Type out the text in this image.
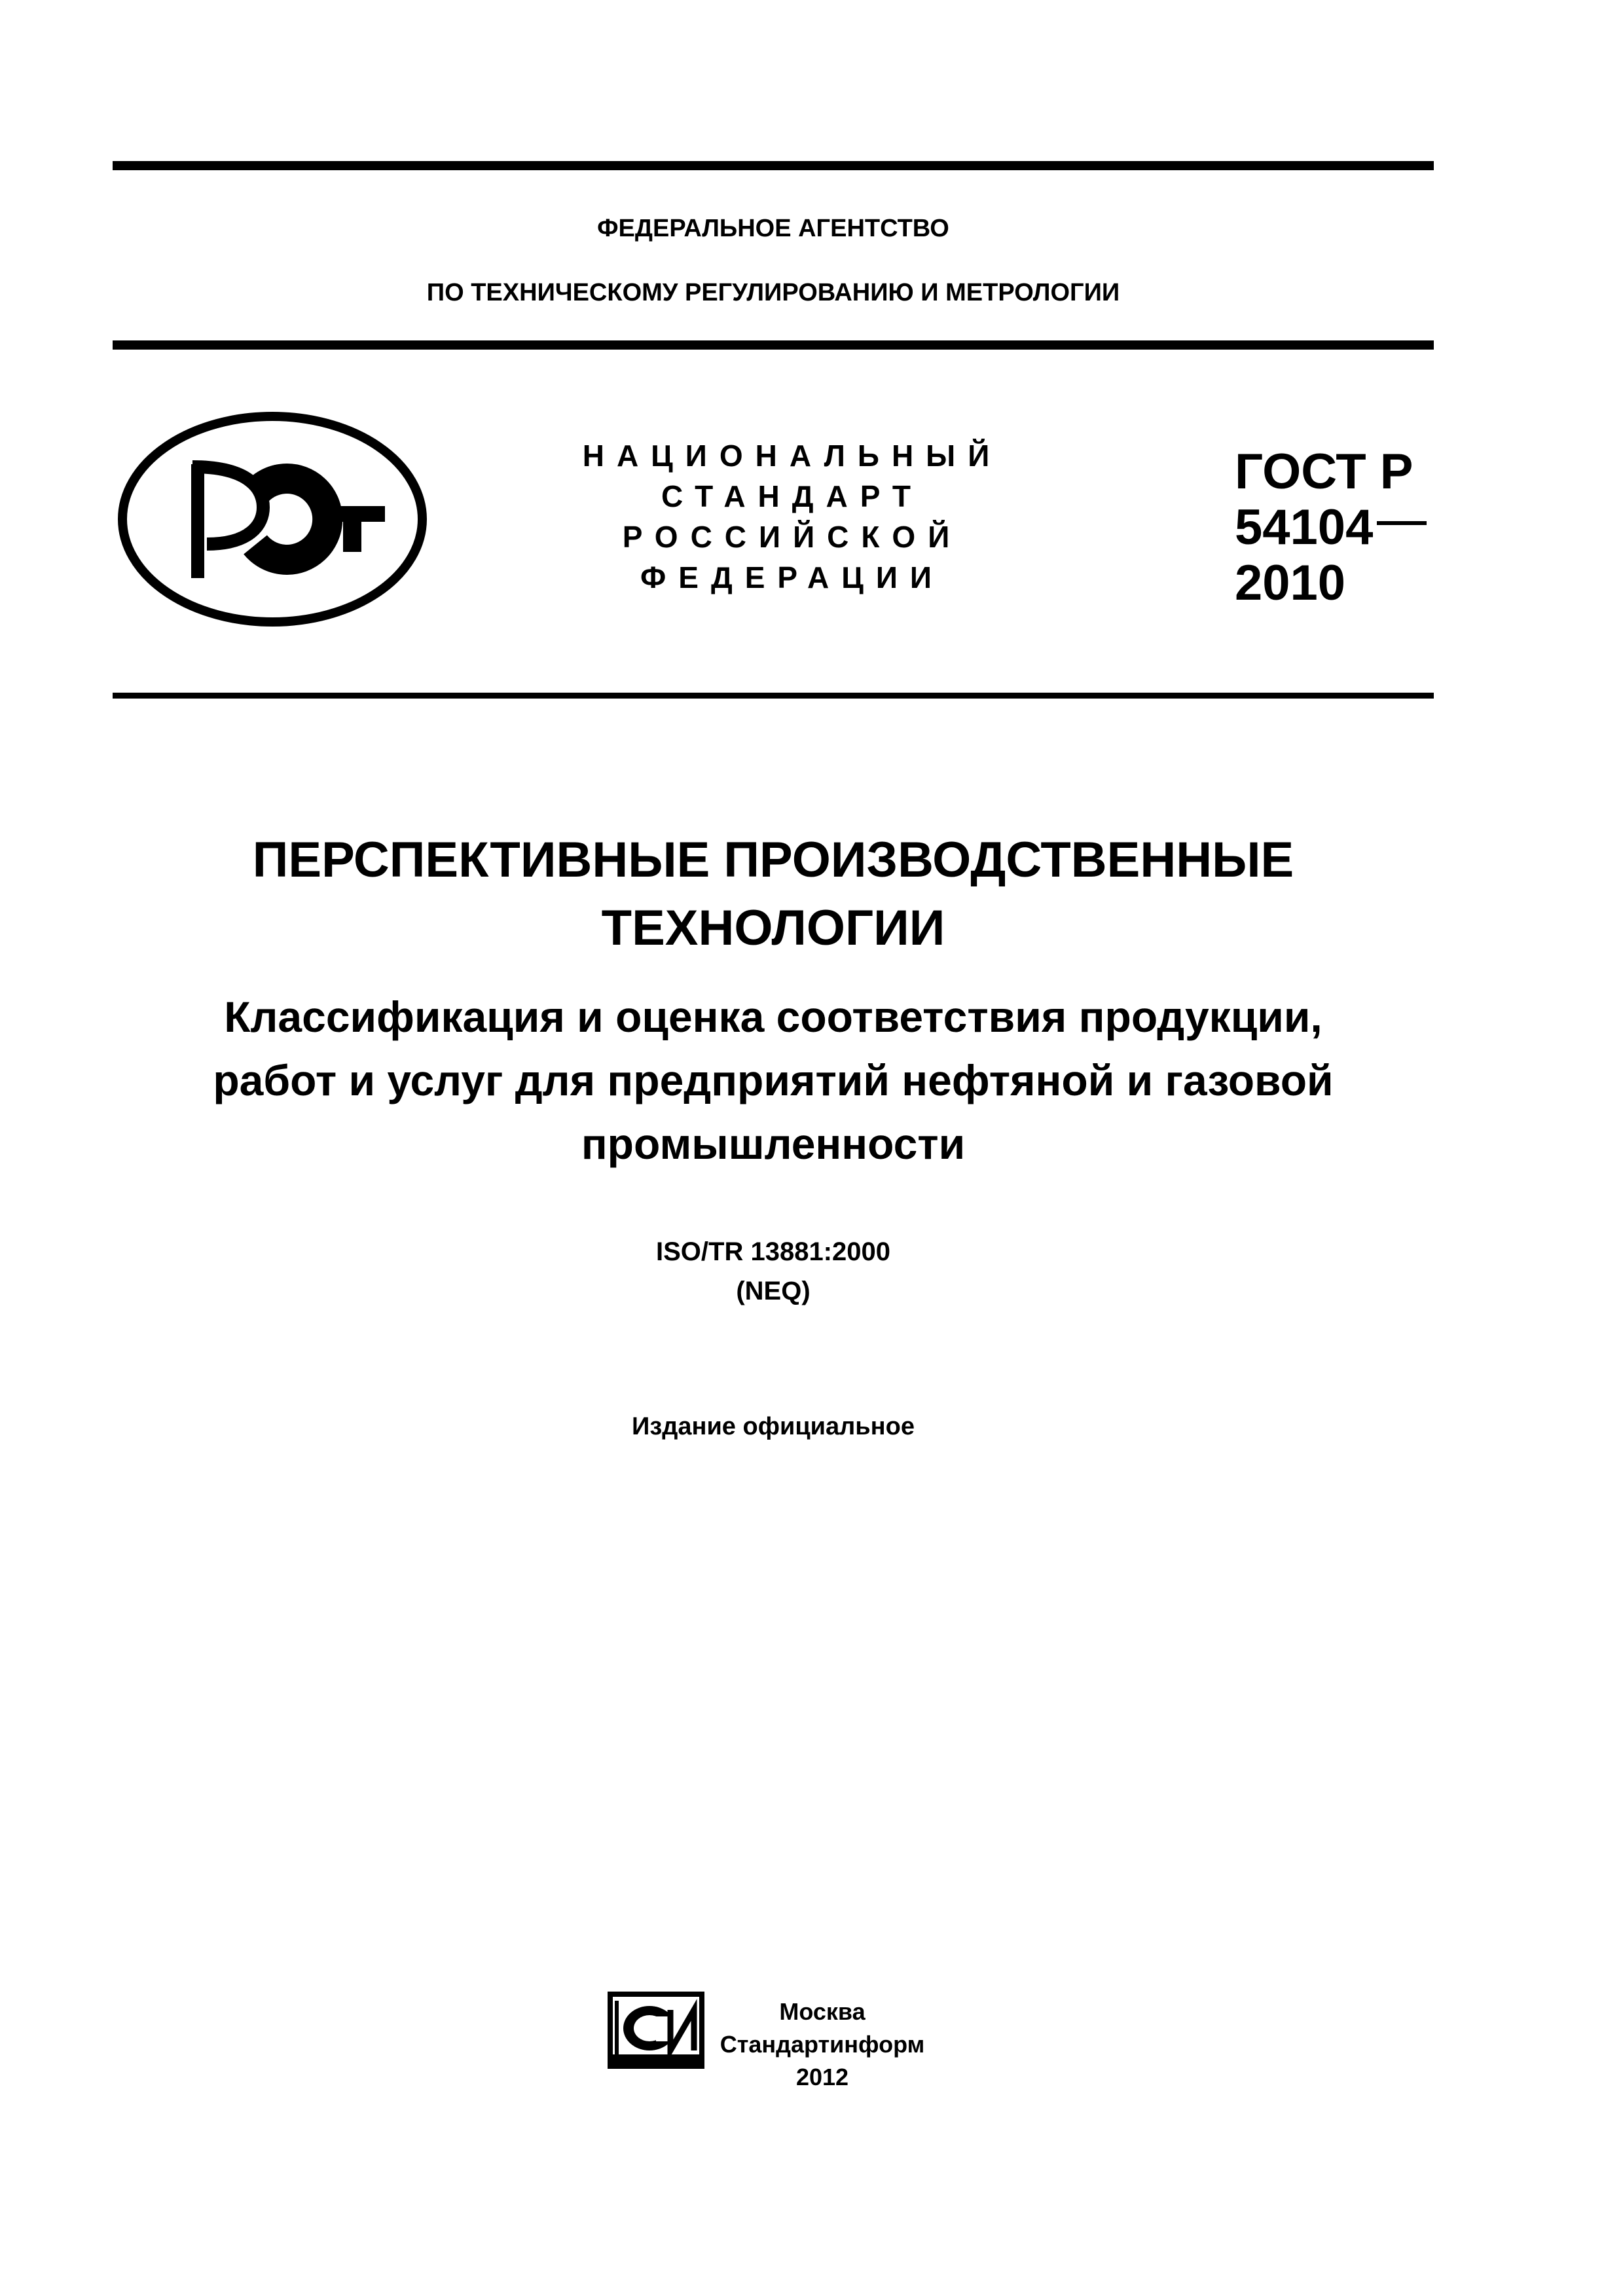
ФЕДЕРАЛЬНОЕ АГЕНТСТВО
ПО ТЕХНИЧЕСКОМУ РЕГУЛИРОВАНИЮ И МЕТРОЛОГИИ
РСТ
НАЦИОНАЛЬНЫЙ
СТАНДАРТ
РОССИЙСКОЙ
ФЕДЕРАЦИИ
ГОСТ Р
54104
2010
ПЕРСПЕКТИВНЫЕ ПРОИЗВОДСТВЕННЫЕ
ТЕХНОЛОГИИ
Классификация и оценка соответствия продукции,
работ и услуг для предприятий нефтяной и газовой
промышленности
ISO/TR 13881:2000
(NEQ)
Издание официальное
СИ
Москва
Стандартинформ
2012
